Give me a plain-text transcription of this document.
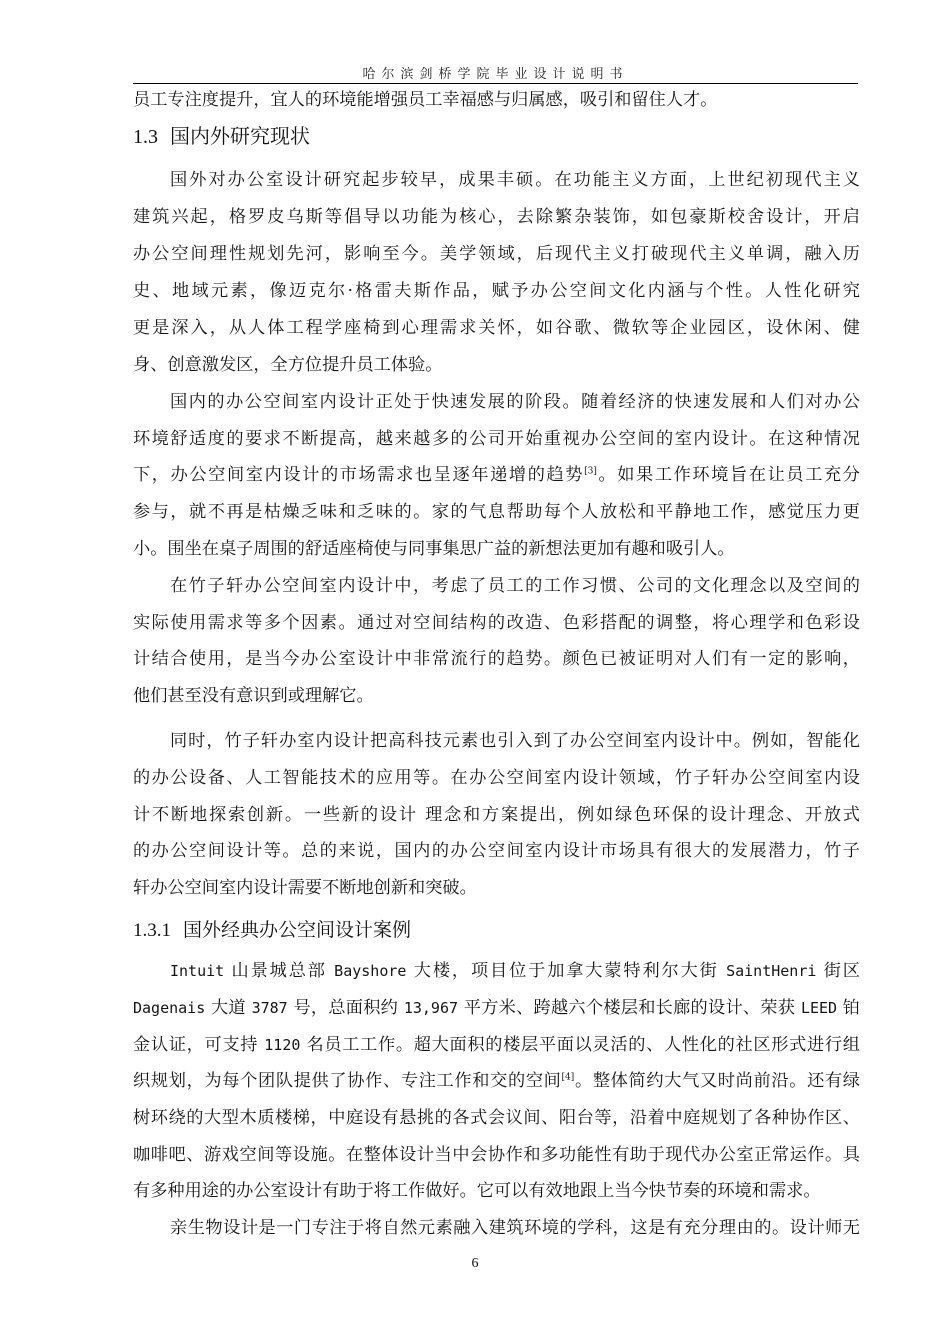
哈尔滨剑桥学院毕业设计说明书
员工专注度提升，宜人的环境能增强员工幸福感与归属感，吸引和留住人才。
1.3 国内外研究现状
国外对办公室设计研究起步较早，成果丰硕。在功能主义方面，上世纪初现代主义
建筑兴起，格罗皮乌斯等倡导以功能为核心，去除繁杂装饰，如包豪斯校舍设计，开启
办公空间理性规划先河，影响至今。美学领域，后现代主义打破现代主义单调，融入历
史、地域元素，像迈克尔·格雷夫斯作品，赋予办公空间文化内涵与个性。人性化研究
更是深入，从人体工程学座椅到心理需求关怀，如谷歌、微软等企业园区，设休闲、健
身、创意激发区，全方位提升员工体验。
国内的办公空间室内设计正处于快速发展的阶段。随着经济的快速发展和人们对办公
环境舒适度的要求不断提高，越来越多的公司开始重视办公空间的室内设计。在这种情况
下，办公空间室内设计的市场需求也呈逐年递增的趋势[3]。如果工作环境旨在让员工充分
参与，就不再是枯燥乏味和乏味的。家的气息帮助每个人放松和平静地工作，感觉压力更
小。围坐在桌子周围的舒适座椅使与同事集思广益的新想法更加有趣和吸引人。
在竹子轩办公空间室内设计中，考虑了员工的工作习惯、公司的文化理念以及空间的
实际使用需求等多个因素。通过对空间结构的改造、色彩搭配的调整，将心理学和色彩设
计结合使用，是当今办公室设计中非常流行的趋势。颜色已被证明对人们有一定的影响，
他们甚至没有意识到或理解它。
同时，竹子轩办室内设计把高科技元素也引入到了办公空间室内设计中。例如，智能化
的办公设备、人工智能技术的应用等。在办公空间室内设计领域，竹子轩办公空间室内设
计不断地探索创新。一些新的设计 理念和方案提出，例如绿色环保的设计理念、开放式
的办公空间设计等。总的来说，国内的办公空间室内设计市场具有很大的发展潜力，竹子
轩办公空间室内设计需要不断地创新和突破。
1.3.1 国外经典办公空间设计案例
Intuit 山景城总部 Bayshore 大楼，项目位于加拿大蒙特利尔大街 SaintHenri 街区
Dagenais 大道 3787 号，总面积约 13,967 平方米、跨越六个楼层和长廊的设计、荣获 LEED 铂
金认证，可支持 1120 名员工工作。超大面积的楼层平面以灵活的、人性化的社区形式进行组
织规划，为每个团队提供了协作、专注工作和交的空间[4]。整体简约大气又时尚前沿。还有绿
树环绕的大型木质楼梯，中庭设有悬挑的各式会议间、阳台等，沿着中庭规划了各种协作区、
咖啡吧、游戏空间等设施。在整体设计当中会协作和多功能性有助于现代办公室正常运作。具
有多种用途的办公室设计有助于将工作做好。它可以有效地跟上当今快节奏的环境和需求。
亲生物设计是一门专注于将自然元素融入建筑环境的学科，这是有充分理由的。设计师无
6
